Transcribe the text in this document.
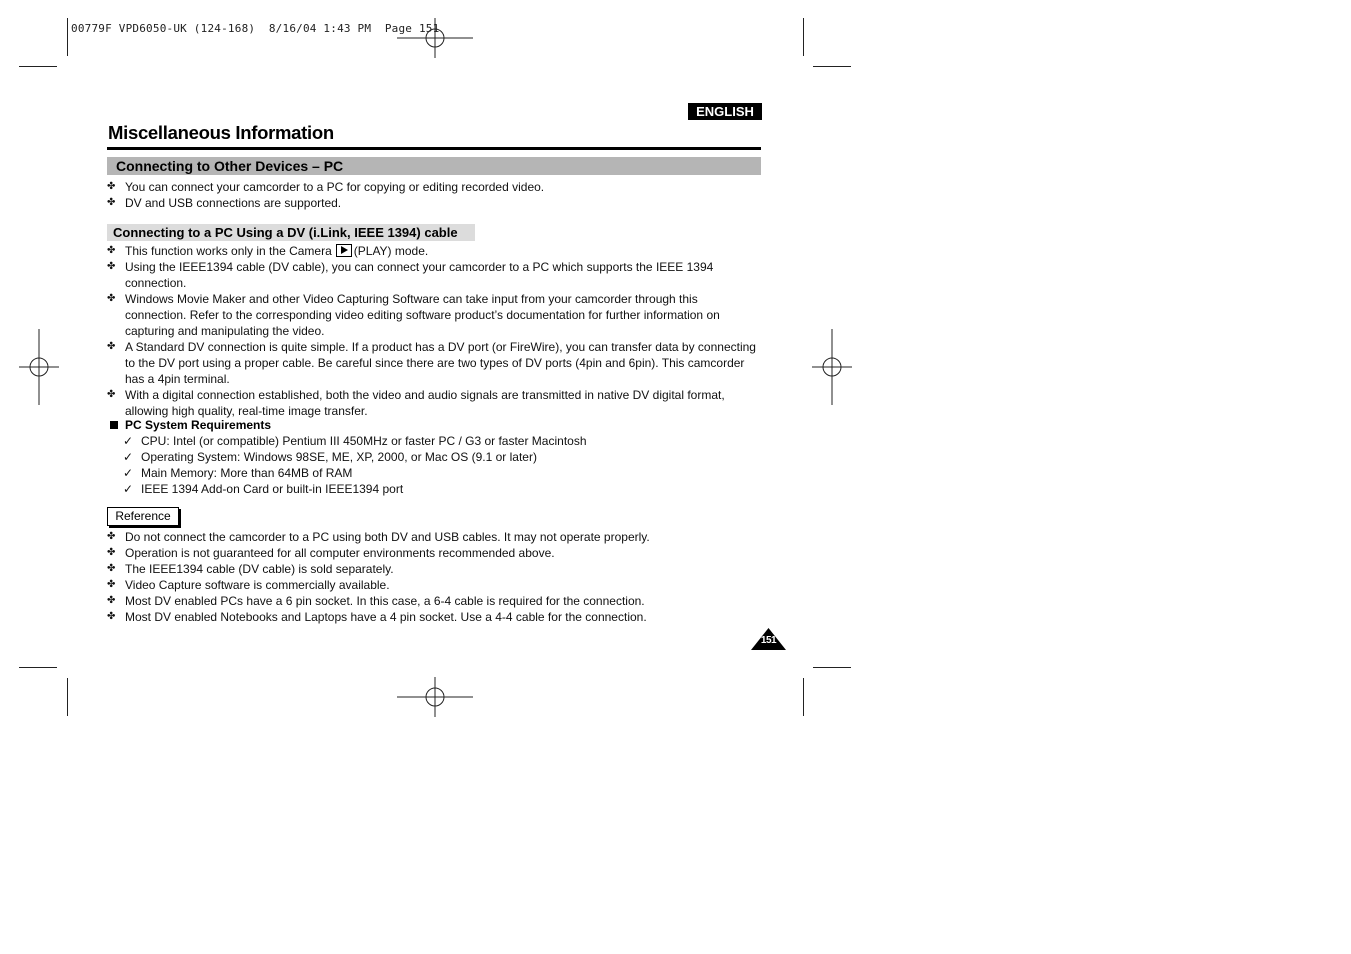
00779F VPD6050-UK (124-168)  8/16/04 1:43 PM  Page 151
ENGLISH
Miscellaneous Information
Connecting to Other Devices – PC
✤ You can connect your camcorder to a PC for copying or editing recorded video.
✤ DV and USB connections are supported.
Connecting to a PC Using a DV (i.Link, IEEE 1394) cable
✤ This function works only in the Camera (PLAY) mode.
✤ Using the IEEE1394 cable (DV cable), you can connect your camcorder to a PC which supports the IEEE 1394 connection.
✤ Windows Movie Maker and other Video Capturing Software can take input from your camcorder through this connection. Refer to the corresponding video editing software product’s documentation for further information on capturing and manipulating the video.
✤ A Standard DV connection is quite simple. If a product has a DV port (or FireWire), you can transfer data by connecting to the DV port using a proper cable. Be careful since there are two types of DV ports (4pin and 6pin). This camcorder has a 4pin terminal.
✤ With a digital connection established, both the video and audio signals are transmitted in native DV digital format, allowing high quality, real-time image transfer.
PC System Requirements
✓ CPU: Intel (or compatible) Pentium III 450MHz or faster PC / G3 or faster Macintosh
✓ Operating System: Windows 98SE, ME, XP, 2000, or Mac OS (9.1 or later)
✓ Main Memory: More than 64MB of RAM
✓ IEEE 1394 Add-on Card or built-in IEEE1394 port
Reference
✤ Do not connect the camcorder to a PC using both DV and USB cables. It may not operate properly.
✤ Operation is not guaranteed for all computer environments recommended above.
✤ The IEEE1394 cable (DV cable) is sold separately.
✤ Video Capture software is commercially available.
✤ Most DV enabled PCs have a 6 pin socket. In this case, a 6-4 cable is required for the connection.
✤ Most DV enabled Notebooks and Laptops have a 4 pin socket. Use a 4-4 cable for the connection.
151
